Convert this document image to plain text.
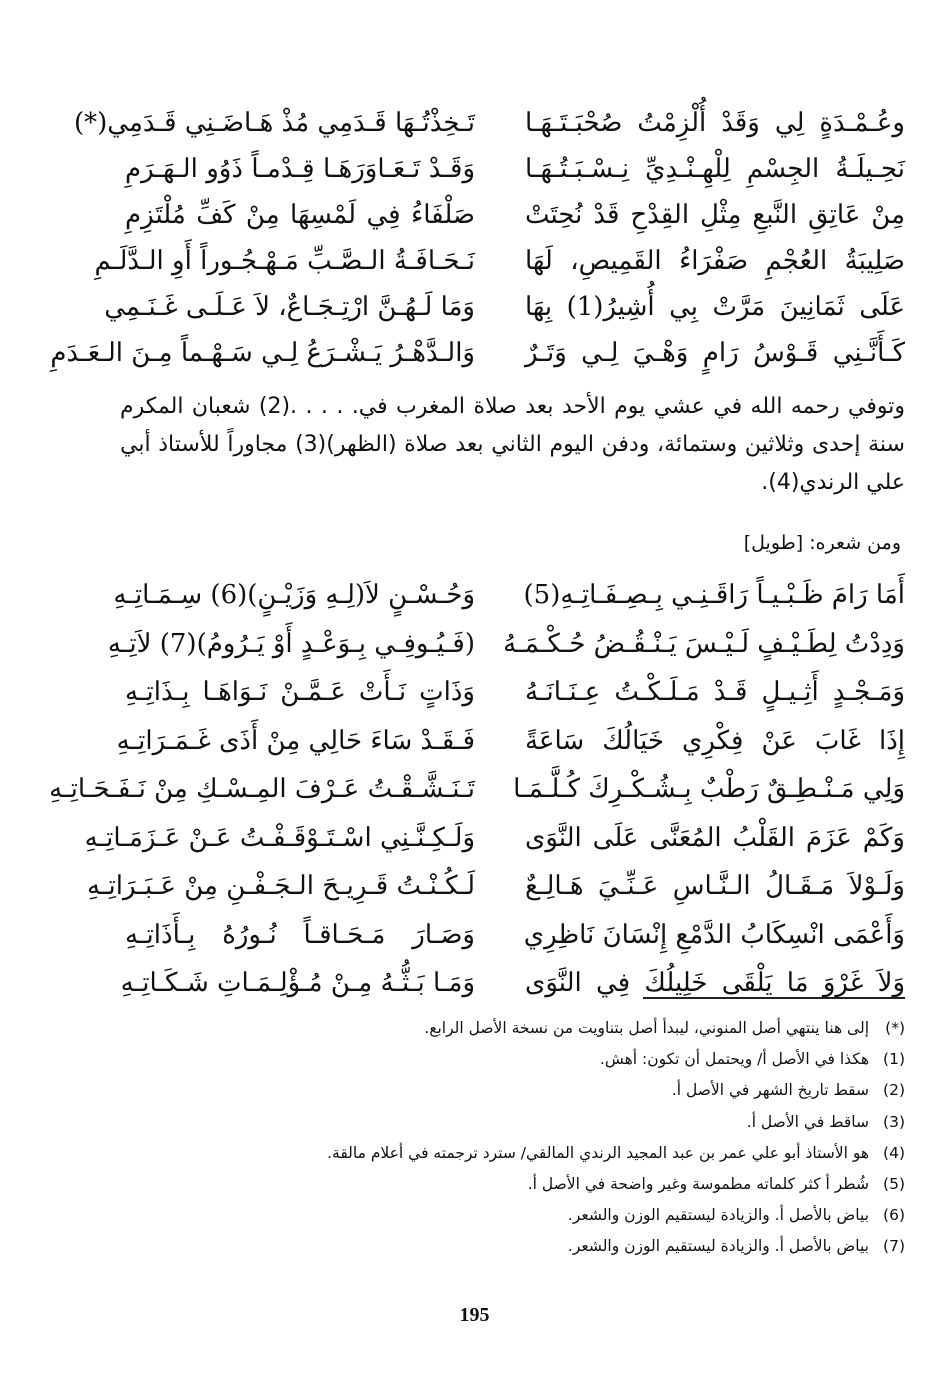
وعُـمْـدَةٍ لِي وَقَدْ أُلْزِمْتُ صُحْبَـتَـهَـا
تَـخِذْتُـهَا قَـدَمِي مُذْ هَـاضَـنِي قَـدَمِي(*)
نَحِـيلَـةُ الجِسْمِ لِلْهِـنْـدِيِّ نِـسْـبَـتُـهَـا
وَقَـدْ تَـعَـاوَرَهَـا قِـدْمـاً ذَوُو الـهَـرَمِ
مِنْ عَاتِقِ النَّبعِ مِثْلِ القِدْحِ قَدْ نُحِتَتْ
صَلْفَاءُ فِي لَمْسِهَا مِنْ كَفِّ مُلْتَزِمِ
صَلِيبَةُ العُجْمِ صَفْرَاءُ القَمِيصِ، لَهَا
نَـحَـافَـةُ الـصَّـبِّ مَـهْـجُـوراً أَوِ الـدَّلَـمِ
عَلَى ثَمَانِينَ مَرَّتْ بِي أُشِيرُ(1) بِهَا
وَمَا لَـهُـنَّ ارْتِـجَـاعٌ، لاَ عَـلَـى غَـنَـمِي
كَـأَنَّـنِي قَـوْسُ رَامٍ وَهْـيَ لِـي وَتَـرٌ
وَالـدَّهْـرُ يَـشْـرَعُ لِـي سَـهْـماً مِـنَ الـعَـدَمِ

وتوفي رحمه الله في عشي يوم الأحد بعد صلاة المغرب في. . . . .(2) شعبان المكرم سنة إحدى وثلاثين وستمائة، ودفن اليوم الثاني بعد صلاة (الظهر)(3) مجاوراً للأستاذ أبي علي الرندي(4).

ومن شعره: [طويل]
أَمَا رَامَ ظَـبْـيـاً رَاقَـنِـي بِـصِـفَـاتِـهِ(5)
وَحُـسْـنٍ لاَ(لِـهِ وَزَيْـنٍ)(6) سِـمَـاتِـهِ
وَدِدْتُ لِطَـيْـفٍ لَـيْـسَ يَـنْـقُـضُ حُـكْـمَـهُ
(فَـيُـوفِـي بِـوَعْـدٍ أَوْ يَـرُومُ)(7) لاَتِـهِ
وَمَـجْـدٍ أَثِـيـلٍ قَـدْ مَـلَـكْـتُ عِـنَـانَـهُ
وَذَاتٍ نَـأَتْ عَـمَّـنْ نَـوَاهَـا بِـذَاتِـهِ
إِذَا غَابَ عَنْ فِكْرِي خَيَالُكَ سَاعَةً
فَـقَـدْ سَاءَ حَالِي مِنْ أَذَى غَـمَـرَاتِـهِ
وَلِي مَـنْـطِـقٌ رَطْبٌ بِـشُـكْـرِكَ كُـلَّـمَـا
تَـنَـشَّـقْـتُ عَـرْفَ المِـسْـكِ مِنْ نَـفَـحَـاتِـهِ
وَكَمْ عَزَمَ القَلْبُ المُعَنَّى عَلَى النَّوَى
وَلَـكِـنَّـنِي اسْـتَـوْقَـفْـتُ عَـنْ عَـزَمَـاتِـهِ
وَلَـوْلاَ مَـقَـالُ الـنَّـاسِ عَـنِّـيَ هَـالِـعٌ
لَـكُـنْـتُ قَـرِيـحَ الـجَـفْـنِ مِنْ عَـبَـرَاتِـهِ
وَأَعْمَى انْسِكَابُ الدَّمْعِ إِنْسَانَ نَاظِرِي
وَصَـارَ مَـحَـاقـاً نُـورُهُ بِـأَذَاتِـهِ
وَلاَ غَرْوَ مَا يَلْقَى خَلِيلُكَ فِي النَّوَى
وَمَـا بَـثُّـهُ مِـنْ مُـؤْلِـمَـاتِ شَـكَـاتِـهِ
(*)
إلى هنا ينتهي أصل المنوني، ليبدأ أصل بتناويت من نسخة الأصل الرابع.
(1)
هكذا في الأصل أ/ ويحتمل أن تكون: أهش.
(2)
سقط تاريخ الشهر في الأصل أ.
(3)
ساقط في الأصل أ.
(4)
هو الأستاذ أبو علي عمر بن عبد المجيد الرندي المالقي/ سترد ترجمته في أعلام مالقة.
(5)
شُطر أ كثر كلماته مطموسة وغير واضحة في الأصل أ.
(6)
بياض بالأصل أ. والزيادة ليستقيم الوزن والشعر.
(7)
بياض بالأصل أ. والزيادة ليستقيم الوزن والشعر.
195
